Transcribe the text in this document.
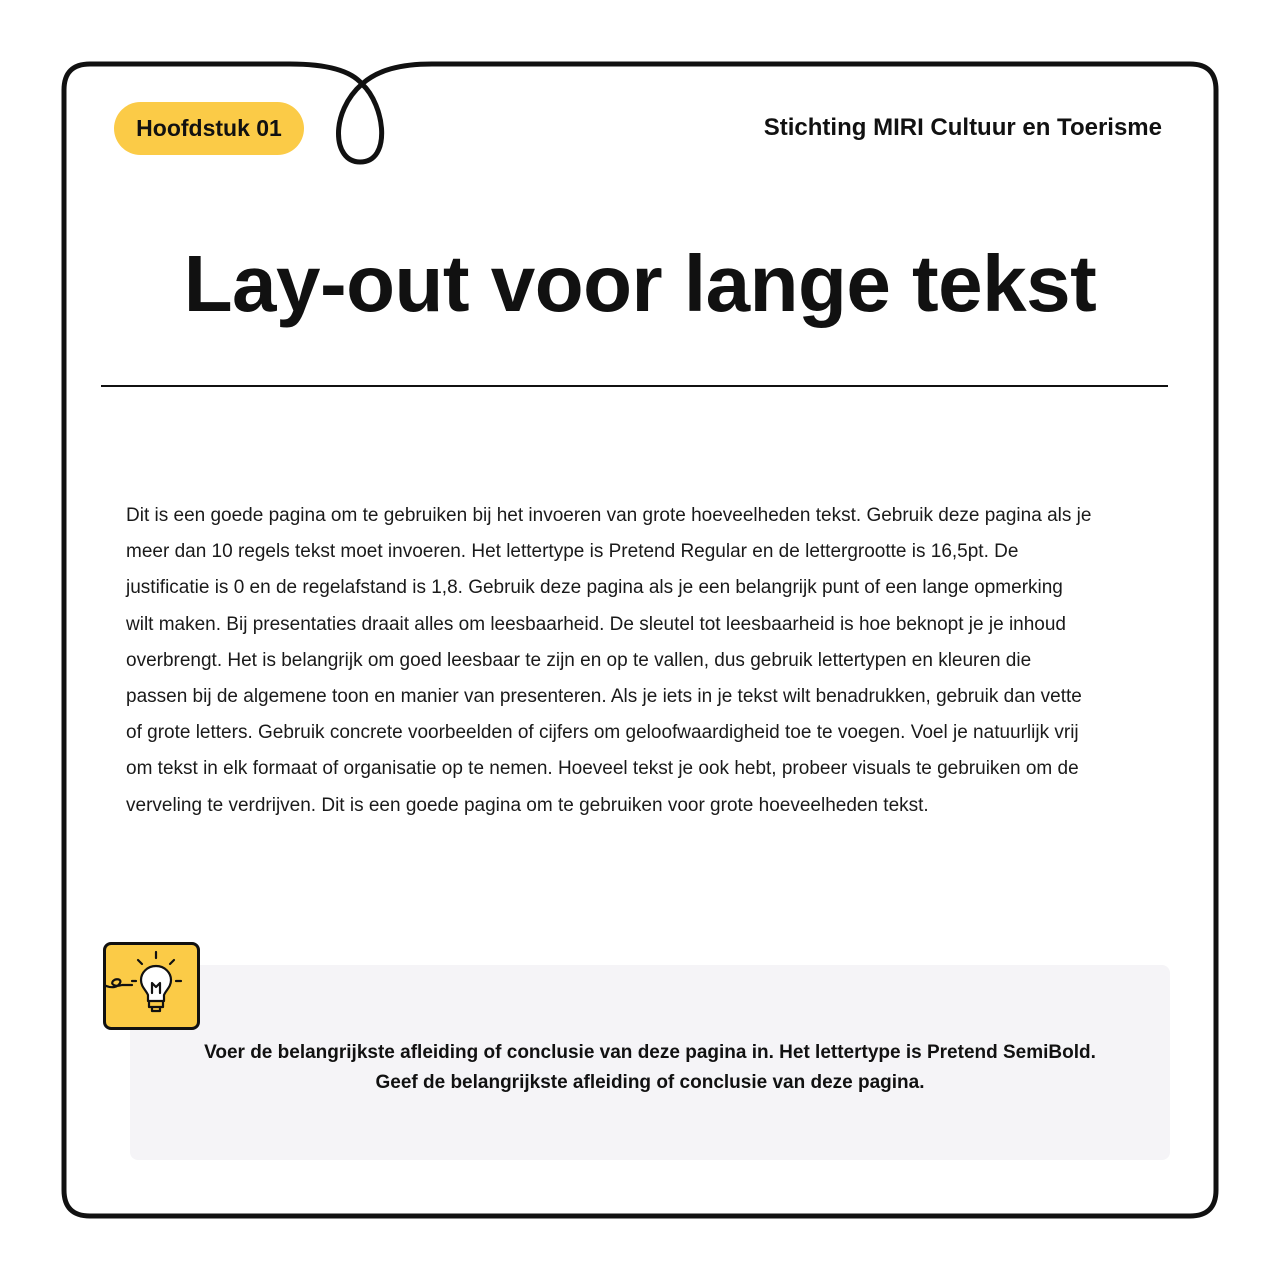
Hoofdstuk 01	Stichting MIRI Cultuur en Toerisme
Lay-out voor lange tekst
Dit is een goede pagina om te gebruiken bij het invoeren van grote hoeveelheden tekst. Gebruik deze pagina als je
meer dan 10 regels tekst moet invoeren. Het lettertype is Pretend Regular en de lettergrootte is 16,5pt. De
justificatie is 0 en de regelafstand is 1,8. Gebruik deze pagina als je een belangrijk punt of een lange opmerking
wilt maken. Bij presentaties draait alles om leesbaarheid. De sleutel tot leesbaarheid is hoe beknopt je je inhoud
overbrengt. Het is belangrijk om goed leesbaar te zijn en op te vallen, dus gebruik lettertypen en kleuren die
passen bij de algemene toon en manier van presenteren. Als je iets in je tekst wilt benadrukken, gebruik dan vette
of grote letters. Gebruik concrete voorbeelden of cijfers om geloofwaardigheid toe te voegen. Voel je natuurlijk vrij
om tekst in elk formaat of organisatie op te nemen. Hoeveel tekst je ook hebt, probeer visuals te gebruiken om de
verveling te verdrijven. Dit is een goede pagina om te gebruiken voor grote hoeveelheden tekst.
Voer de belangrijkste afleiding of conclusie van deze pagina in. Het lettertype is Pretend SemiBold.
Geef de belangrijkste afleiding of conclusie van deze pagina.
